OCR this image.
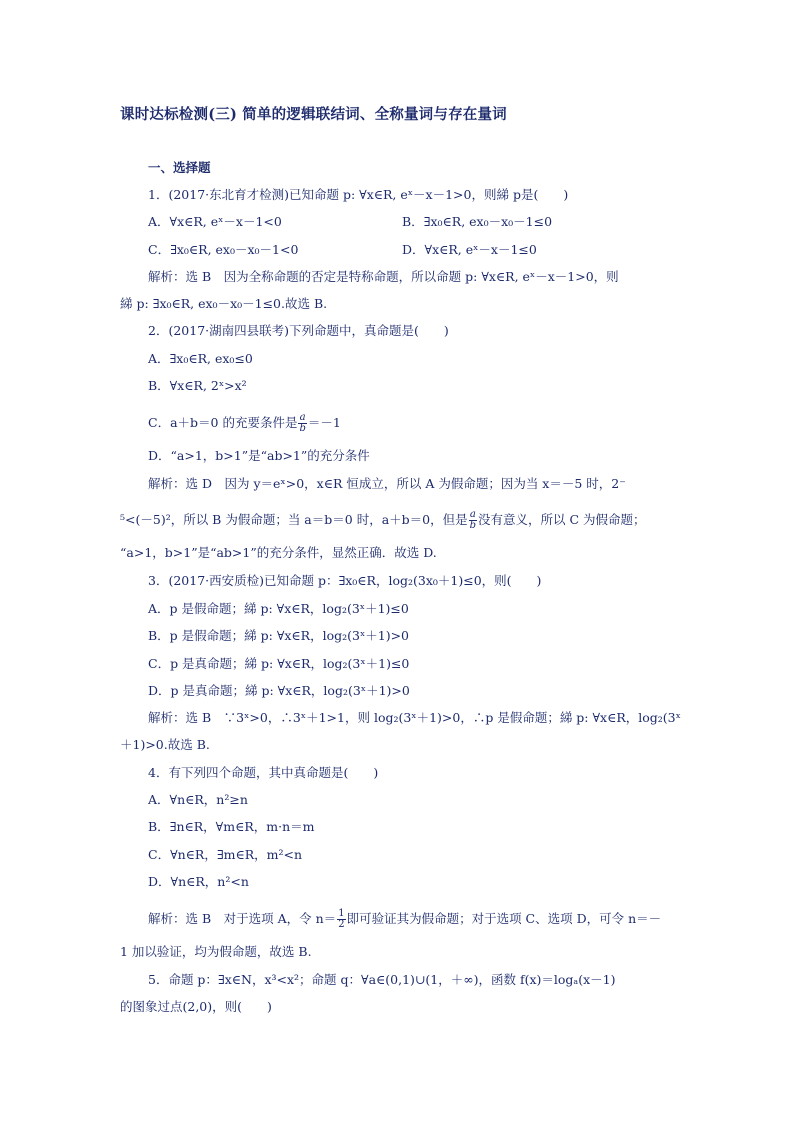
课时达标检测(三) 简单的逻辑联结词、全称量词与存在量词
一、选择题
1．(2017·东北育才检测)已知命题 p: ∀x∈R, eˣ－x－1>0，则綈 p是(　　)
A．∀x∈R, eˣ－x－1<0	B．∃x₀∈R, ex₀－x₀－1≤0
C．∃x₀∈R, ex₀－x₀－1<0	D．∀x∈R, eˣ－x－1≤0
解析：选 B　因为全称命题的否定是特称命题，所以命题 p: ∀x∈R, eˣ－x－1>0，则
綈 p: ∃x₀∈R, ex₀－x₀－1≤0.故选 B.
2．(2017·湖南四县联考)下列命题中，真命题是(　　)
A．∃x₀∈R, ex₀≤0
B．∀x∈R, 2ˣ>x²
C．a＋b＝0 的充要条件是 $\frac{a}{b} =-1$
D．“a>1，b>1”是“ab>1”的充分条件
解析：选 D　因为 y＝eˣ>0，x∈R 恒成立，所以 A 为假命题；因为当 x＝－5 时，2⁻
⁵<(－5)²，所以 B 为假命题；当 a＝b＝0 时，a＋b＝0，但是 $\frac{a}{b}$ 没有意义，所以 C 为假命题；
“a>1，b>1”是“ab>1”的充分条件，显然正确．故选 D.
3．(2017·西安质检)已知命题 p：∃x₀∈R，log₂(3x₀＋1)≤0，则(　　)
A．p 是假命题；綈 p: ∀x∈R，log₂(3ˣ＋1)≤0
B．p 是假命题；綈 p: ∀x∈R，log₂(3ˣ＋1)>0
C．p 是真命题；綈 p: ∀x∈R，log₂(3ˣ＋1)≤0
D．p 是真命题；綈 p: ∀x∈R，log₂(3ˣ＋1)>0
解析：选 B　∵3ˣ>0，∴3ˣ＋1>1，则 log₂(3ˣ＋1)>0，∴p 是假命题；綈 p: ∀x∈R，log₂(3ˣ
＋1)>0.故选 B.
4．有下列四个命题，其中真命题是(　　)
A．∀n∈R，n²≥n
B．∃n∈R，∀m∈R，m·n＝m
C．∀n∈R，∃m∈R，m²<n
D．∀n∈R，n²<n
解析：选 B　对于选项 A，令 $n= \frac{1}{2}$ 即可验证其为假命题；对于选项 C、选项 D，可令 n＝－
1 加以验证，均为假命题，故选 B.
5．命题 p：∃x∈N，x³<x²；命题 q：∀a∈(0,1)∪(1，＋∞)，函数 f(x)＝logₐ(x－1)
的图象过点(2,0)，则(　　)
